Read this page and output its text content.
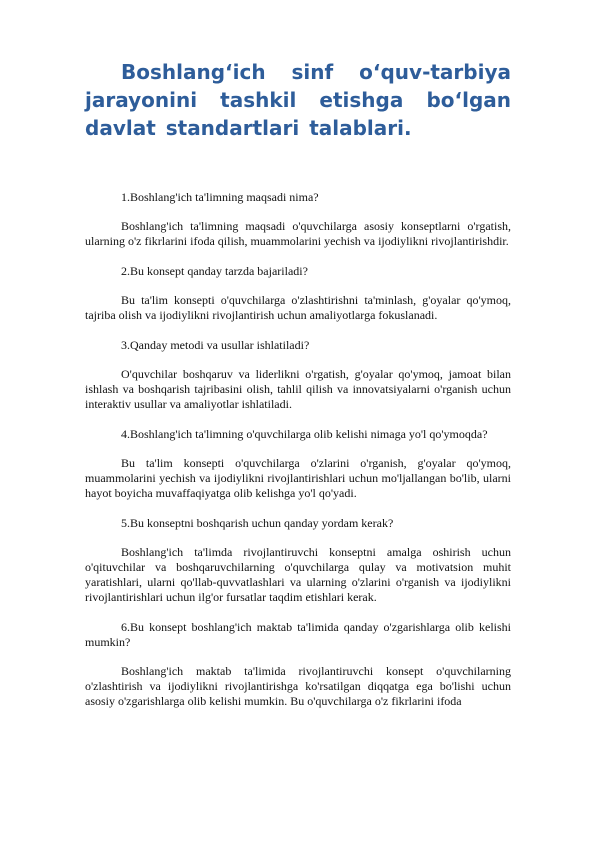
Boshlang‘ich sinf o‘quv-tarbiya jarayonini tashkil etishga bo‘lgan davlat standartlari talablari.

1.Boshlang'ich ta'limning maqsadi nima?

Boshlang'ich ta'limning maqsadi o'quvchilarga asosiy konseptlarni o'rgatish, ularning o'z fikrlarini ifoda qilish, muammolarini yechish va ijodiylikni rivojlantirishdir.

2.Bu konsept qanday tarzda bajariladi?

Bu ta'lim konsepti o'quvchilarga o'zlashtirishni ta'minlash, g'oyalar qo'ymoq, tajriba olish va ijodiylikni rivojlantirish uchun amaliyotlarga fokuslanadi.

3.Qanday metodi va usullar ishlatiladi?

O'quvchilar boshqaruv va liderlikni o'rgatish, g'oyalar qo'ymoq, jamoat bilan ishlash va boshqarish tajribasini olish, tahlil qilish va innovatsiyalarni o'rganish uchun interaktiv usullar va amaliyotlar ishlatiladi.

4.Boshlang'ich ta'limning o'quvchilarga olib kelishi nimaga yo'l qo'ymoqda?

Bu ta'lim konsepti o'quvchilarga o'zlarini o'rganish, g'oyalar qo'ymoq, muammolarini yechish va ijodiylikni rivojlantirishlari uchun mo'ljallangan bo'lib, ularni hayot boyicha muvaffaqiyatga olib kelishga yo'l qo'yadi.

5.Bu konseptni boshqarish uchun qanday yordam kerak?

Boshlang'ich ta'limda rivojlantiruvchi konseptni amalga oshirish uchun o'qituvchilar va boshqaruvchilarning o'quvchilarga qulay va motivatsion muhit yaratishlari, ularni qo'llab-quvvatlashlari va ularning o'zlarini o'rganish va ijodiylikni rivojlantirishlari uchun ilg'or fursatlar taqdim etishlari kerak.

6.Bu konsept boshlang'ich maktab ta'limida qanday o'zgarishlarga olib kelishi mumkin?

Boshlang'ich maktab ta'limida rivojlantiruvchi konsept o'quvchilarning o'zlashtirish va ijodiylikni rivojlantirishga ko'rsatilgan diqqatga ega bo'lishi uchun asosiy o'zgarishlarga olib kelishi mumkin. Bu o'quvchilarga o'z fikrlarini ifoda
